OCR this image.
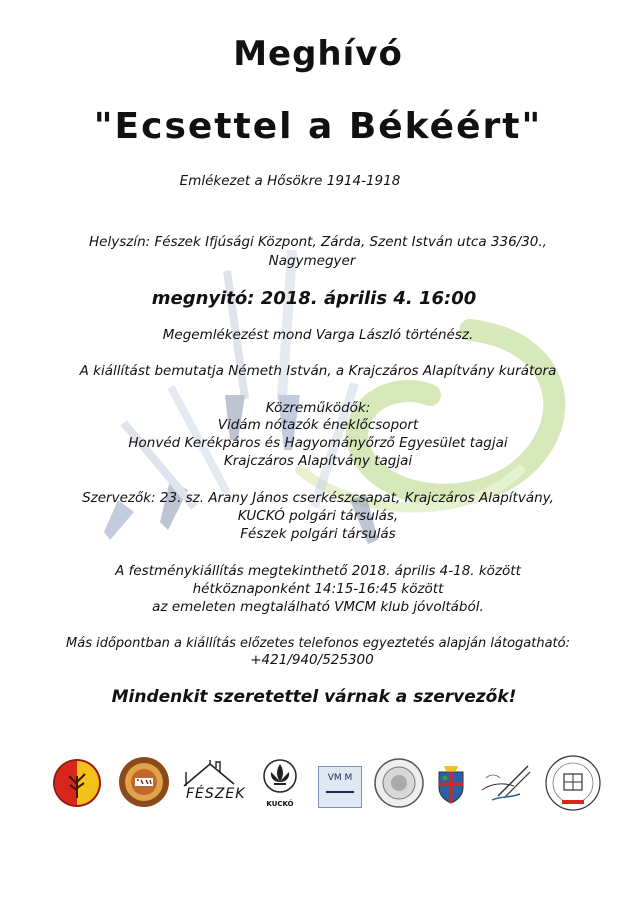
Meghívó
"Ecsettel a Békéért"
Emlékezet a Hősökre 1914-1918
Helyszín: Fészek Ifjúsági Központ, Zárda, Szent István utca 336/30.,
Nagymegyer
megnyitó: 2018. április 4. 16:00
Megemlékezést mond Varga László történész.
A kiállítást bemutatja Németh István, a Krajczáros Alapítvány kurátora
Közreműködők:
Vidám nótazók éneklőcsoport
Honvéd Kerékpáros és Hagyományőrző Egyesület tagjai
Krajczáros Alapítvány tagjai
Szervezők: 23. sz. Arany János cserkészcsapat, Krajczáros Alapítvány,
KUCKÓ polgári társulás,
Fészek polgári társulás
A festménykiállítás megtekinthető 2018. április 4-18. között
hétköznaponként 14:15-16:45 között
az emeleten megtalálható VMCM klub jóvoltából.
Más időpontban a kiállítás előzetes telefonos egyeztetés alapján látogatható:
+421/940/525300
Mindenkit szeretettel várnak a szervezők!
FÉSZEK
KUCKÓ
VM M
